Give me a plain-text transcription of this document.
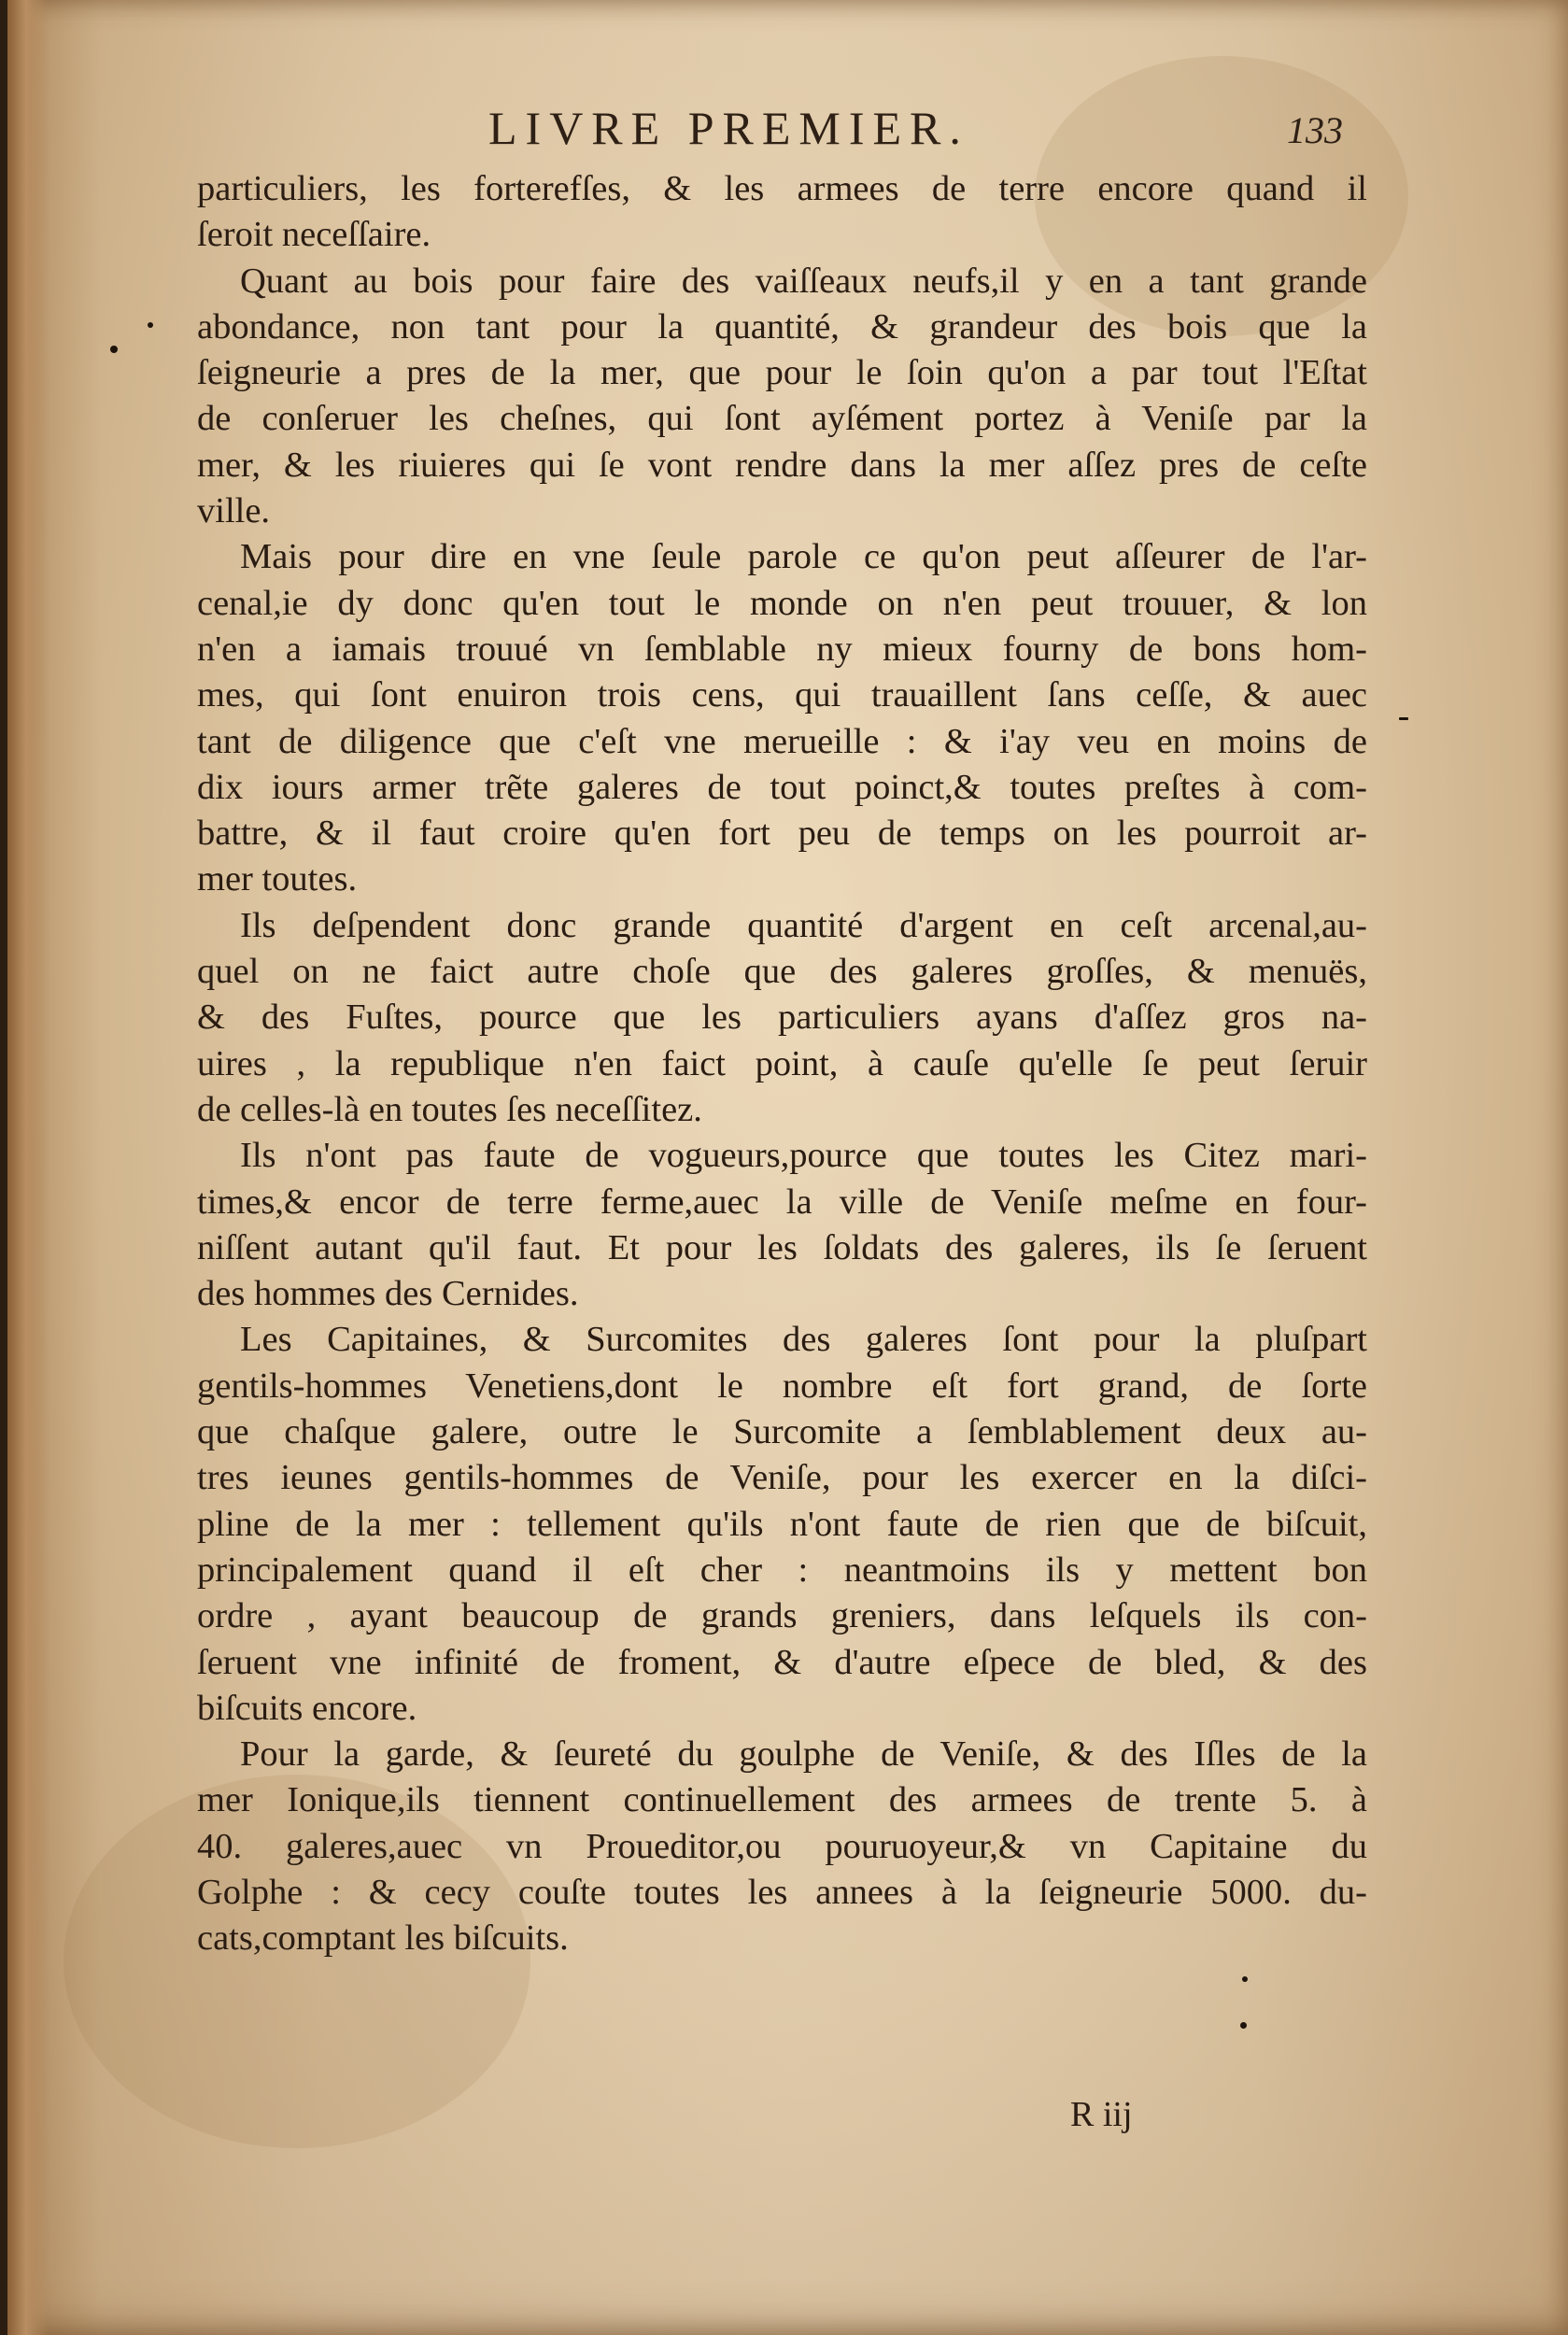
LIVRE PREMIER.	133
particuliers, les forterefſes, & les armees de terre encore quand il
ſeroit neceſſaire.
Quant au bois pour faire des vaiſſeaux neufs,il y en a tant grande
abondance, non tant pour la quantité, & grandeur des bois que la
ſeigneurie a pres de la mer, que pour le ſoin qu'on a par tout l'Eſtat
de conſeruer les cheſnes, qui ſont ayſément portez à Veniſe par la
mer, & les riuieres qui ſe vont rendre dans la mer aſſez pres de ceſte
ville.
Mais pour dire en vne ſeule parole ce qu'on peut aſſeurer de l'ar-
cenal,ie dy donc qu'en tout le monde on n'en peut trouuer, & lon
n'en a iamais trouué vn ſemblable ny mieux fourny de bons hom-
mes, qui ſont enuiron trois cens, qui trauaillent ſans ceſſe, & auec
tant de diligence que c'eſt vne merueille : & i'ay veu en moins de
dix iours armer trẽte galeres de tout poinct,& toutes preſtes à com-
battre, & il faut croire qu'en fort peu de temps on les pourroit ar-
mer toutes.
Ils deſpendent donc grande quantité d'argent en ceſt arcenal,au-
quel on ne faict autre choſe que des galeres groſſes, & menuës,
& des Fuſtes, pource que les particuliers ayans d'aſſez gros na-
uires , la republique n'en faict point, à cauſe qu'elle ſe peut ſeruir
de celles-là en toutes ſes neceſſitez.
Ils n'ont pas faute de vogueurs,pource que toutes les Citez mari-
times,& encor de terre ferme,auec la ville de Veniſe meſme en four-
niſſent autant qu'il faut. Et pour les ſoldats des galeres, ils ſe ſeruent
des hommes des Cernides.
Les Capitaines, & Surcomites des galeres ſont pour la pluſpart
gentils-hommes Venetiens,dont le nombre eſt fort grand, de ſorte
que chaſque galere, outre le Surcomite a ſemblablement deux au-
tres ieunes gentils-hommes de Veniſe, pour les exercer en la diſci-
pline de la mer : tellement qu'ils n'ont faute de rien que de biſcuit,
principalement quand il eſt cher : neantmoins ils y mettent bon
ordre , ayant beaucoup de grands greniers, dans leſquels ils con-
ſeruent vne infinité de froment, & d'autre eſpece de bled, & des
biſcuits encore.
Pour la garde, & ſeureté du goulphe de Veniſe, & des Iſles de la
mer Ionique,ils tiennent continuellement des armees de trente 5. à
40. galeres,auec vn Proueditor,ou pouruoyeur,& vn Capitaine du
Golphe : & cecy couſte toutes les annees à la ſeigneurie 5000. du-
cats,comptant les biſcuits.
R iij
